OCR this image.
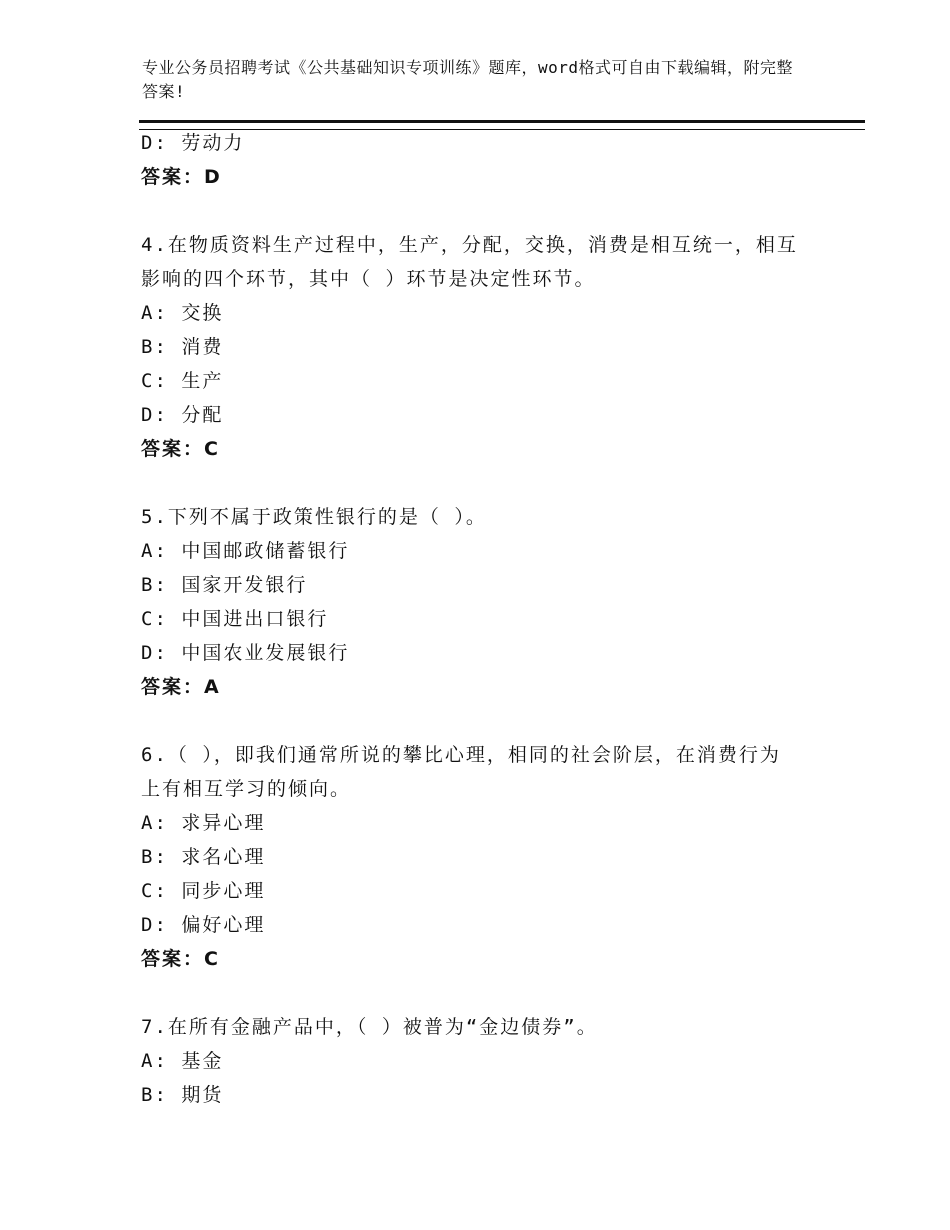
专业公务员招聘考试《公共基础知识专项训练》题库，word格式可自由下载编辑，附完整答案!
D: 劳动力
答案：D
4.在物质资料生产过程中，生产，分配，交换，消费是相互统一，相互影响的四个环节，其中（ ）环节是决定性环节。
A: 交换
B: 消费
C: 生产
D: 分配
答案：C
5.下列不属于政策性银行的是（ ）。
A: 中国邮政储蓄银行
B: 国家开发银行
C: 中国进出口银行
D: 中国农业发展银行
答案：A
6.（ ），即我们通常所说的攀比心理，相同的社会阶层，在消费行为上有相互学习的倾向。
A: 求异心理
B: 求名心理
C: 同步心理
D: 偏好心理
答案：C
7.在所有金融产品中，（ ）被普为“金边债券”。
A: 基金
B: 期货
